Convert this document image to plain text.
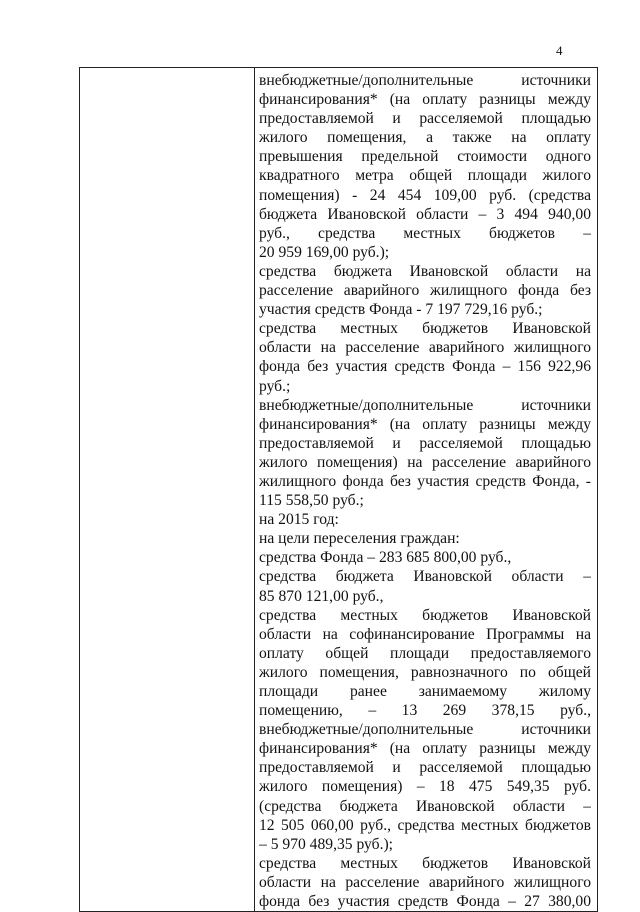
4

внебюджетные/дополнительные источники
финансирования* (на оплату разницы между
предоставляемой и расселяемой площадью
жилого помещения, а также на оплату
превышения предельной стоимости одного
квадратного метра общей площади жилого
помещения) - 24 454 109,00 руб. (средства
бюджета Ивановской области – 3 494 940,00
руб., средства местных бюджетов –
20 959 169,00 руб.);
средства бюджета Ивановской области на
расселение аварийного жилищного фонда без
участия средств Фонда - 7 197 729,16 руб.;
средства местных бюджетов Ивановской
области на расселение аварийного жилищного
фонда без участия средств Фонда – 156 922,96
руб.;
внебюджетные/дополнительные источники
финансирования* (на оплату разницы между
предоставляемой и расселяемой площадью
жилого помещения) на расселение аварийного
жилищного фонда без участия средств Фонда, -
115 558,50 руб.;
на 2015 год:
на цели переселения граждан:
средства Фонда – 283 685 800,00 руб.,
средства бюджета Ивановской области –
85 870 121,00 руб.,
средства местных бюджетов Ивановской
области на софинансирование Программы на
оплату общей площади предоставляемого
жилого помещения, равнозначного по общей
площади ранее занимаемому жилому
помещению, – 13 269 378,15 руб.,
внебюджетные/дополнительные источники
финансирования* (на оплату разницы между
предоставляемой и расселяемой площадью
жилого помещения) – 18 475 549,35 руб.
(средства бюджета Ивановской области –
12 505 060,00 руб., средства местных бюджетов
– 5 970 489,35 руб.);
средства местных бюджетов Ивановской
области на расселение аварийного жилищного
фонда без участия средств Фонда – 27 380,00
